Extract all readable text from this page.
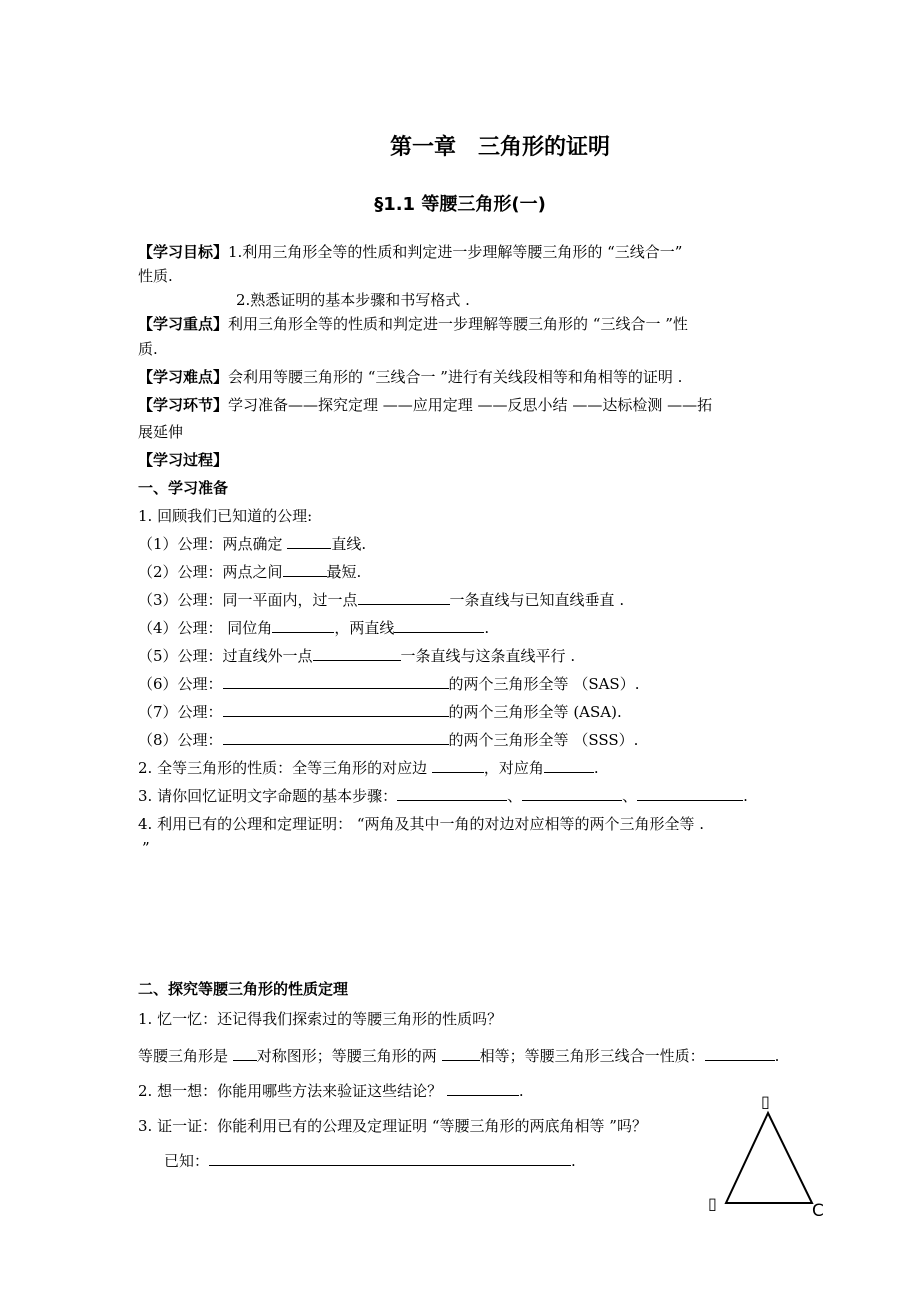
第一章　三角形的证明
§1.1 等腰三角形(一)
【学习目标】1.利用三角形全等的性质和判定进一步理解等腰三角形的 “三线合一”
性质.
2.熟悉证明的基本步骤和书写格式 .
【学习重点】利用三角形全等的性质和判定进一步理解等腰三角形的 “三线合一 ”性
质.
【学习难点】会利用等腰三角形的 “三线合一 ”进行有关线段相等和角相等的证明 .
【学习环节】学习准备——探究定理 ——应用定理 ——反思小结 ——达标检测 ——拓
展延伸
【学习过程】
一、学习准备
1. 回顾我们已知道的公理:
（1）公理：两点确定	直线.
（2）公理：两点之间	最短.
（3）公理：同一平面内，过一点	一条直线与已知直线垂直 .
（4）公理： 同位角	，两直线	.
（5）公理：过直线外一点	一条直线与这条直线平行 .
（6）公理：	的两个三角形全等 （SAS）.
（7）公理：	的两个三角形全等 (ASA).
（8）公理：	的两个三角形全等 （SSS）.
2. 全等三角形的性质：全等三角形的对应边	，对应角	.
3. 请你回忆证明文字命题的基本步骤：	、	、	.
4. 利用已有的公理和定理证明： “两角及其中一角的对边对应相等的两个三角形全等 .
”
二、探究等腰三角形的性质定理
1. 忆一忆：还记得我们探索过的等腰三角形的性质吗？
等腰三角形是 对称图形；等腰三角形的两	相等；等腰三角形三线合一性质：	.
2. 想一想：你能用哪些方法来验证这些结论？	.
3. 证一证：你能利用已有的公理及定理证明 “等腰三角形的两底角相等 ”吗？
已知：	.
▯
▯	C
